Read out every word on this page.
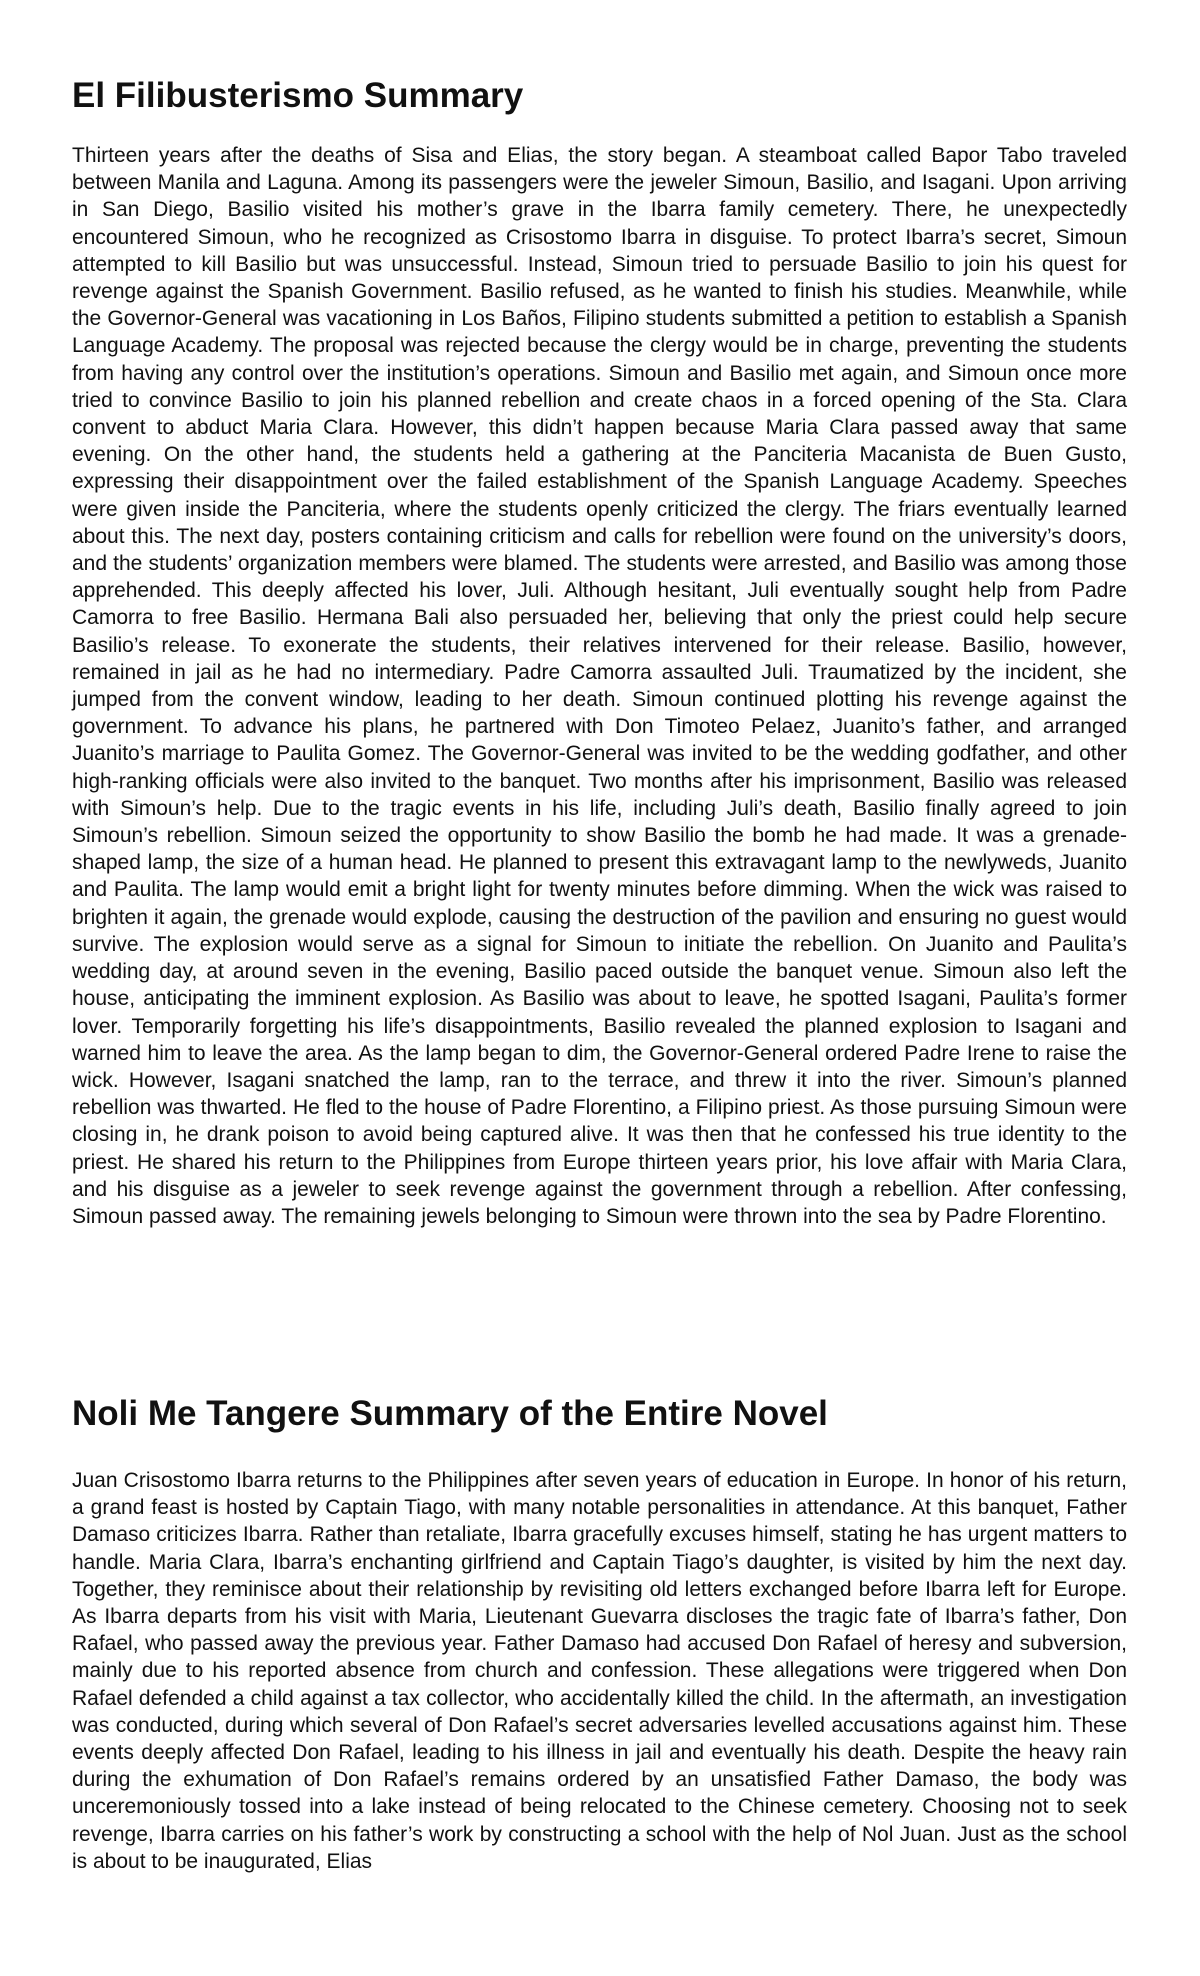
El Filibusterismo Summary

Thirteen years after the deaths of Sisa and Elias, the story began. A steamboat called Bapor Tabo traveled between Manila and Laguna. Among its passengers were the jeweler Simoun, Basilio, and Isagani. Upon arriving in San Diego, Basilio visited his mother’s grave in the Ibarra family cemetery. There, he unexpectedly encountered Simoun, who he recognized as Crisostomo Ibarra in disguise. To protect Ibarra’s secret, Simoun attempted to kill Basilio but was unsuccessful. Instead, Simoun tried to persuade Basilio to join his quest for revenge against the Spanish Government. Basilio refused, as he wanted to finish his studies. Meanwhile, while the Governor-General was vacationing in Los Baños, Filipino students submitted a petition to establish a Spanish Language Academy. The proposal was rejected because the clergy would be in charge, preventing the students from having any control over the institution’s operations. Simoun and Basilio met again, and Simoun once more tried to convince Basilio to join his planned rebellion and create chaos in a forced opening of the Sta. Clara convent to abduct Maria Clara. However, this didn’t happen because Maria Clara passed away that same evening. On the other hand, the students held a gathering at the Panciteria Macanista de Buen Gusto, expressing their disappointment over the failed establishment of the Spanish Language Academy. Speeches were given inside the Panciteria, where the students openly criticized the clergy. The friars eventually learned about this. The next day, posters containing criticism and calls for rebellion were found on the university’s doors, and the students’ organization members were blamed. The students were arrested, and Basilio was among those apprehended. This deeply affected his lover, Juli. Although hesitant, Juli eventually sought help from Padre Camorra to free Basilio. Hermana Bali also persuaded her, believing that only the priest could help secure Basilio’s release. To exonerate the students, their relatives intervened for their release. Basilio, however, remained in jail as he had no intermediary. Padre Camorra assaulted Juli. Traumatized by the incident, she jumped from the convent window, leading to her death. Simoun continued plotting his revenge against the government. To advance his plans, he partnered with Don Timoteo Pelaez, Juanito’s father, and arranged Juanito’s marriage to Paulita Gomez. The Governor-General was invited to be the wedding godfather, and other high-ranking officials were also invited to the banquet. Two months after his imprisonment, Basilio was released with Simoun’s help. Due to the tragic events in his life, including Juli’s death, Basilio finally agreed to join Simoun’s rebellion. Simoun seized the opportunity to show Basilio the bomb he had made. It was a grenade-shaped lamp, the size of a human head. He planned to present this extravagant lamp to the newlyweds, Juanito and Paulita. The lamp would emit a bright light for twenty minutes before dimming. When the wick was raised to brighten it again, the grenade would explode, causing the destruction of the pavilion and ensuring no guest would survive. The explosion would serve as a signal for Simoun to initiate the rebellion. On Juanito and Paulita’s wedding day, at around seven in the evening, Basilio paced outside the banquet venue. Simoun also left the house, anticipating the imminent explosion. As Basilio was about to leave, he spotted Isagani, Paulita’s former lover. Temporarily forgetting his life’s disappointments, Basilio revealed the planned explosion to Isagani and warned him to leave the area. As the lamp began to dim, the Governor-General ordered Padre Irene to raise the wick. However, Isagani snatched the lamp, ran to the terrace, and threw it into the river. Simoun’s planned rebellion was thwarted. He fled to the house of Padre Florentino, a Filipino priest. As those pursuing Simoun were closing in, he drank poison to avoid being captured alive. It was then that he confessed his true identity to the priest. He shared his return to the Philippines from Europe thirteen years prior, his love affair with Maria Clara, and his disguise as a jeweler to seek revenge against the government through a rebellion. After confessing, Simoun passed away. The remaining jewels belonging to Simoun were thrown into the sea by Padre Florentino.

Noli Me Tangere Summary of the Entire Novel

Juan Crisostomo Ibarra returns to the Philippines after seven years of education in Europe. In honor of his return, a grand feast is hosted by Captain Tiago, with many notable personalities in attendance. At this banquet, Father Damaso criticizes Ibarra. Rather than retaliate, Ibarra gracefully excuses himself, stating he has urgent matters to handle. Maria Clara, Ibarra’s enchanting girlfriend and Captain Tiago’s daughter, is visited by him the next day. Together, they reminisce about their relationship by revisiting old letters exchanged before Ibarra left for Europe. As Ibarra departs from his visit with Maria, Lieutenant Guevarra discloses the tragic fate of Ibarra’s father, Don Rafael, who passed away the previous year. Father Damaso had accused Don Rafael of heresy and subversion, mainly due to his reported absence from church and confession. These allegations were triggered when Don Rafael defended a child against a tax collector, who accidentally killed the child. In the aftermath, an investigation was conducted, during which several of Don Rafael’s secret adversaries levelled accusations against him. These events deeply affected Don Rafael, leading to his illness in jail and eventually his death. Despite the heavy rain during the exhumation of Don Rafael’s remains ordered by an unsatisfied Father Damaso, the body was unceremoniously tossed into a lake instead of being relocated to the Chinese cemetery. Choosing not to seek revenge, Ibarra carries on his father’s work by constructing a school with the help of Nol Juan. Just as the school is about to be inaugurated, Elias
